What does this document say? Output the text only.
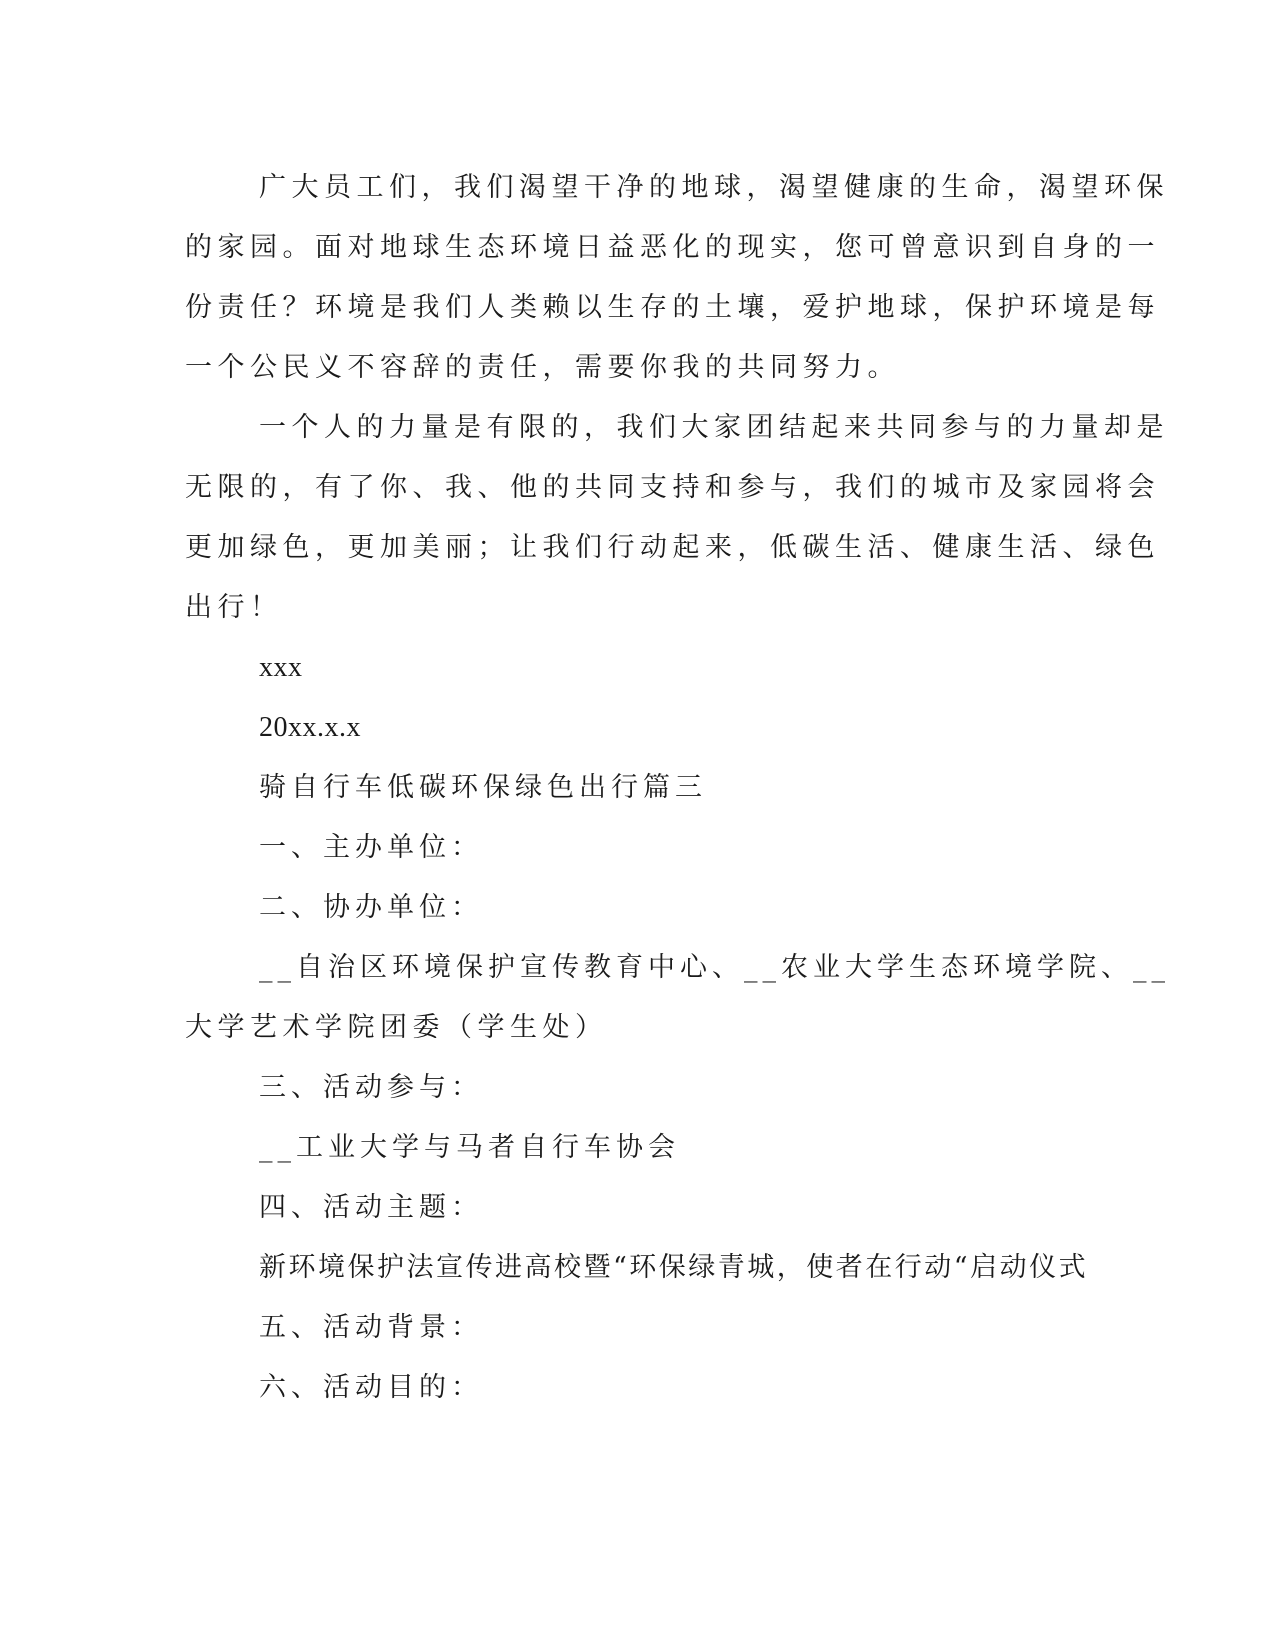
广大员工们，我们渴望干净的地球，渴望健康的生命，渴望环保
的家园。面对地球生态环境日益恶化的现实，您可曾意识到自身的一
份责任？环境是我们人类赖以生存的土壤，爱护地球，保护环境是每
一个公民义不容辞的责任，需要你我的共同努力。

一个人的力量是有限的，我们大家团结起来共同参与的力量却是
无限的，有了你、我、他的共同支持和参与，我们的城市及家园将会
更加绿色，更加美丽；让我们行动起来，低碳生活、健康生活、绿色
出行！

xxx

20xx.x.x

骑自行车低碳环保绿色出行篇三

一、主办单位：

二、协办单位：

__自治区环境保护宣传教育中心、__农业大学生态环境学院、__

大学艺术学院团委（学生处）

三、活动参与：

__工业大学与马者自行车协会

四、活动主题：

新环境保护法宣传进高校暨“环保绿青城，使者在行动“启动仪式

五、活动背景：

六、活动目的：
